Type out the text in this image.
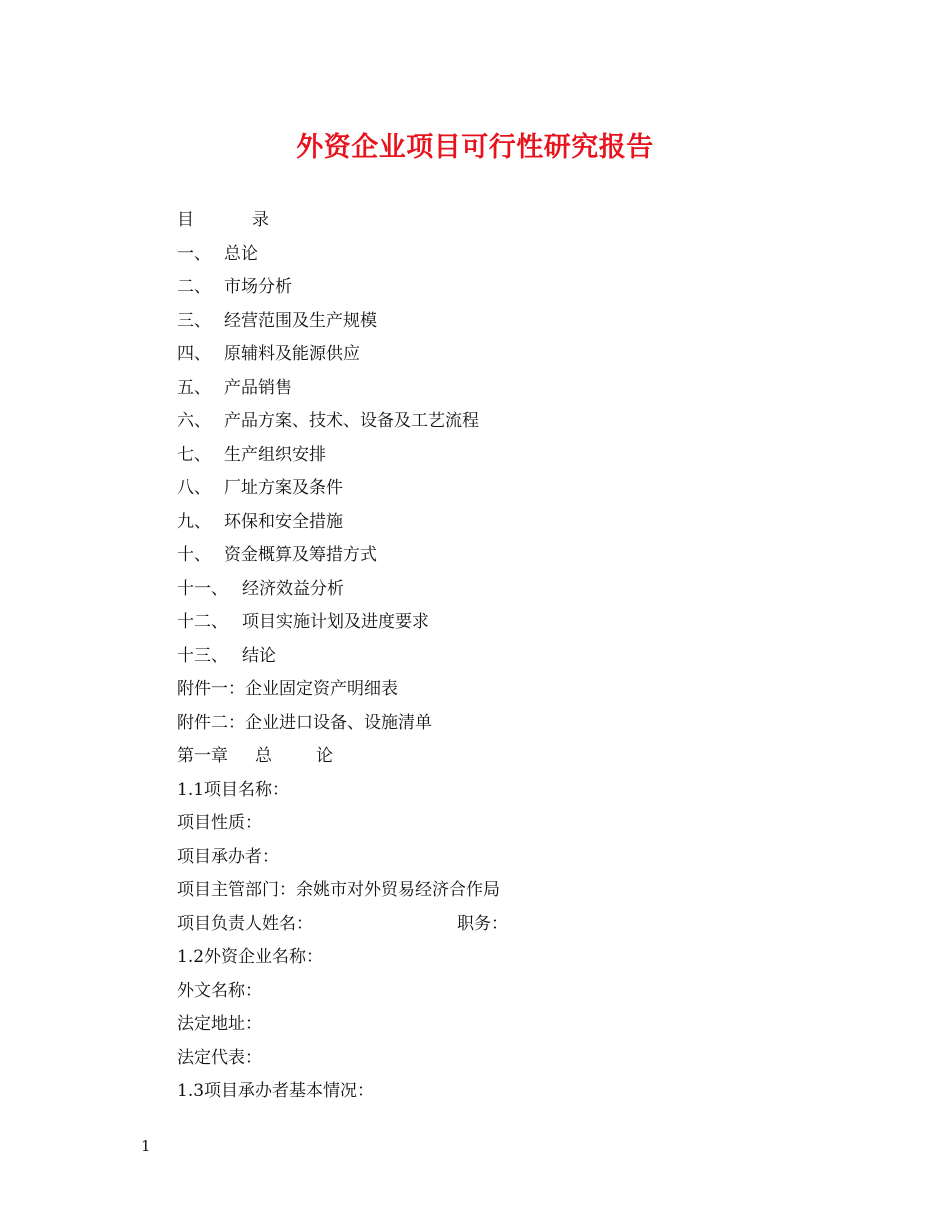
外资企业项目可行性研究报告
目	录
一、 总论
二、 市场分析
三、 经营范围及生产规模
四、 原辅料及能源供应
五、 产品销售
六、 产品方案、技术、设备及工艺流程
七、 生产组织安排
八、 厂址方案及条件
九、 环保和安全措施
十、 资金概算及筹措方式
十一、 经济效益分析
十二、 项目实施计划及进度要求
十三、 结论
附件一：企业固定资产明细表
附件二：企业进口设备、设施清单
第一章 总	论
1.1项目名称：
项目性质：
项目承办者：
项目主管部门：余姚市对外贸易经济合作局
项目负责人姓名：	职务：
1.2外资企业名称：
外文名称：
法定地址：
法定代表：
1.3项目承办者基本情况：
1
